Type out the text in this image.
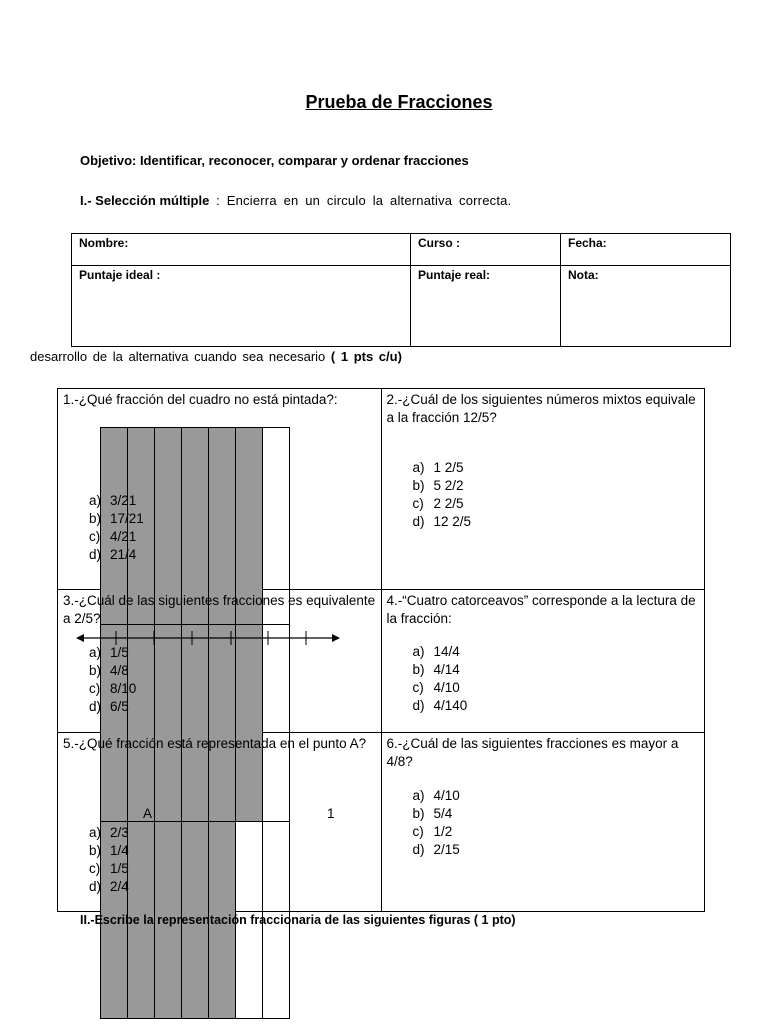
Prueba de Fracciones
Objetivo: Identificar, reconocer, comparar y ordenar fracciones
I.- Selección múltiple : Encierra en un circulo la alternativa correcta.
Nombre:	Curso :	Fecha:
Puntaje ideal :	Puntaje real:	Nota:
desarrollo de la alternativa cuando sea necesario ( 1 pts c/u)
1.-¿Qué fracción del cuadro no está pintada?:

a) 3/21
b) 17/21
c) 4/21
d) 21/4

2.-¿Cuál de los siguientes números mixtos equivale a la fracción 12/5?
a) 1 2/5
b) 5 2/2
c) 2 2/5
d) 12 2/5

3.-¿Cuál de las siguientes fracciones es equivalente a 2/5?
a) 1/5
b) 4/8
c) 8/10
d) 6/5

4.-“Cuatro catorceavos” corresponde a la lectura de la fracción:
a) 14/4
b) 4/14
c) 4/10
d) 4/140

5.-¿Qué fracción está representada en el punto A?
A	1
a) 2/3
b) 1/4
c) 1/5
d) 2/4

6.-¿Cuál de las siguientes fracciones es mayor a 4/8?
a) 4/10
b) 5/4
c) 1/2
d) 2/15
II.-Escribe la representación fraccionaria de las siguientes figuras ( 1 pto)
